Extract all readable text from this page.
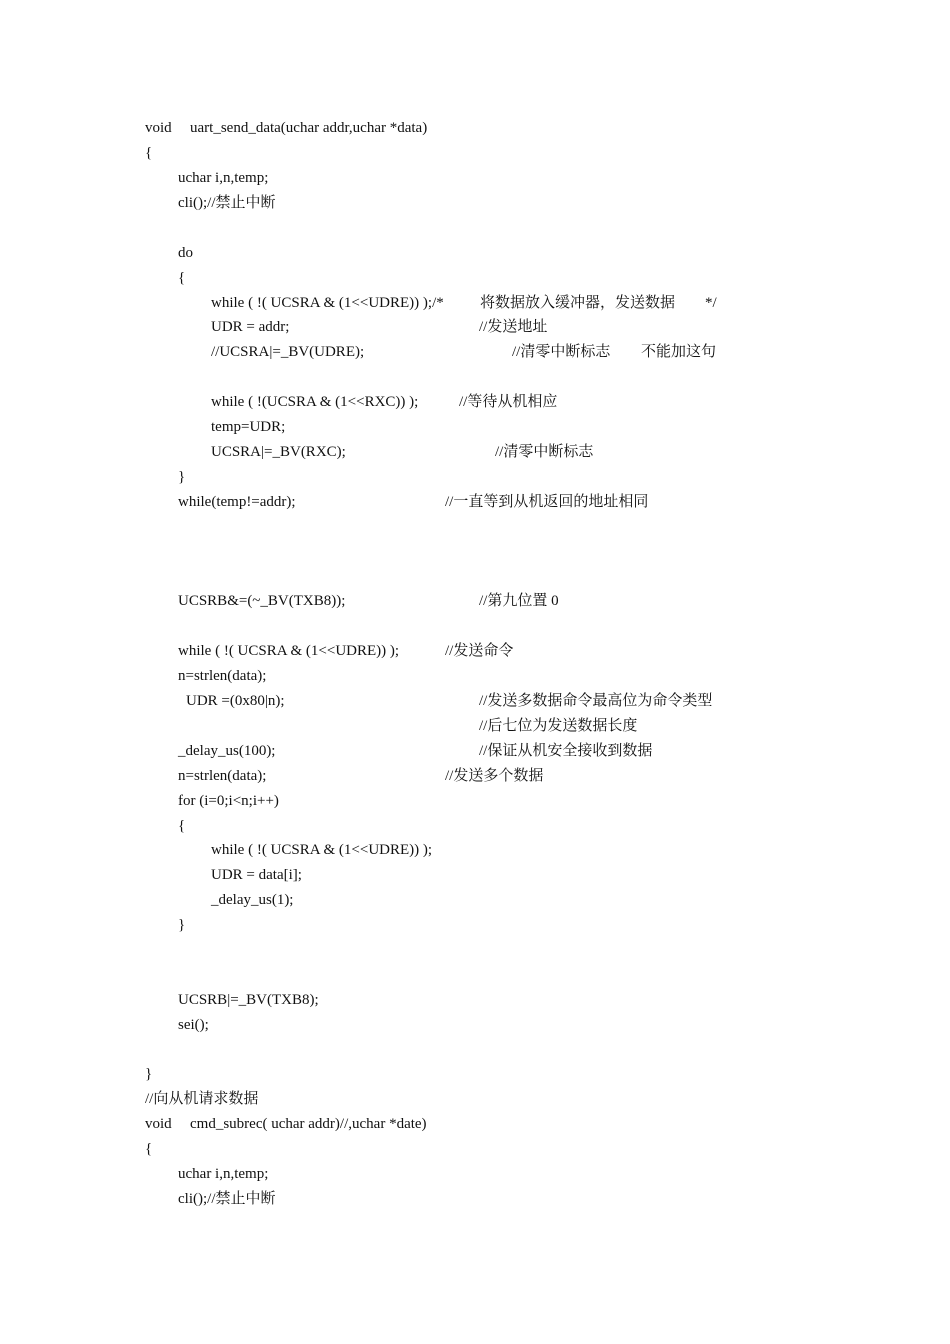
void

uart_send_data(uchar addr,uchar *data)

{

uchar i,n,temp;

cli();//禁止中断

do

{

while ( !( UCSRA & (1<<UDRE)) );/*

将数据放入缓冲器，发送数据

*/

UDR = addr;

	//发送地址

//UCSRA|=_BV(UDRE);

	//清零中断标志

不能加这句

while ( !(UCSRA & (1<<RXC)) );

	//等待从机相应

temp=UDR;

UCSRA|=_BV(RXC);

	//清零中断标志

}

while(temp!=addr);

	//一直等到从机返回的地址相同

UCSRB&=(~_BV(TXB8));

	//第九位置 0

while ( !( UCSRA & (1<<UDRE)) );

	//发送命令

n=strlen(data);

UDR =(0x80|n);

	//发送多数据命令最高位为命令类型

//后七位为发送数据长度

_delay_us(100);

	//保证从机安全接收到数据

n=strlen(data);

	//发送多个数据

for (i=0;i<n;i++)

{

while ( !( UCSRA & (1<<UDRE)) );

UDR = data[i];

_delay_us(1);

}

UCSRB|=_BV(TXB8);

sei();

}

//向从机请求数据

void

cmd_subrec( uchar addr)//,uchar *date)

{

uchar i,n,temp;

cli();//禁止中断
